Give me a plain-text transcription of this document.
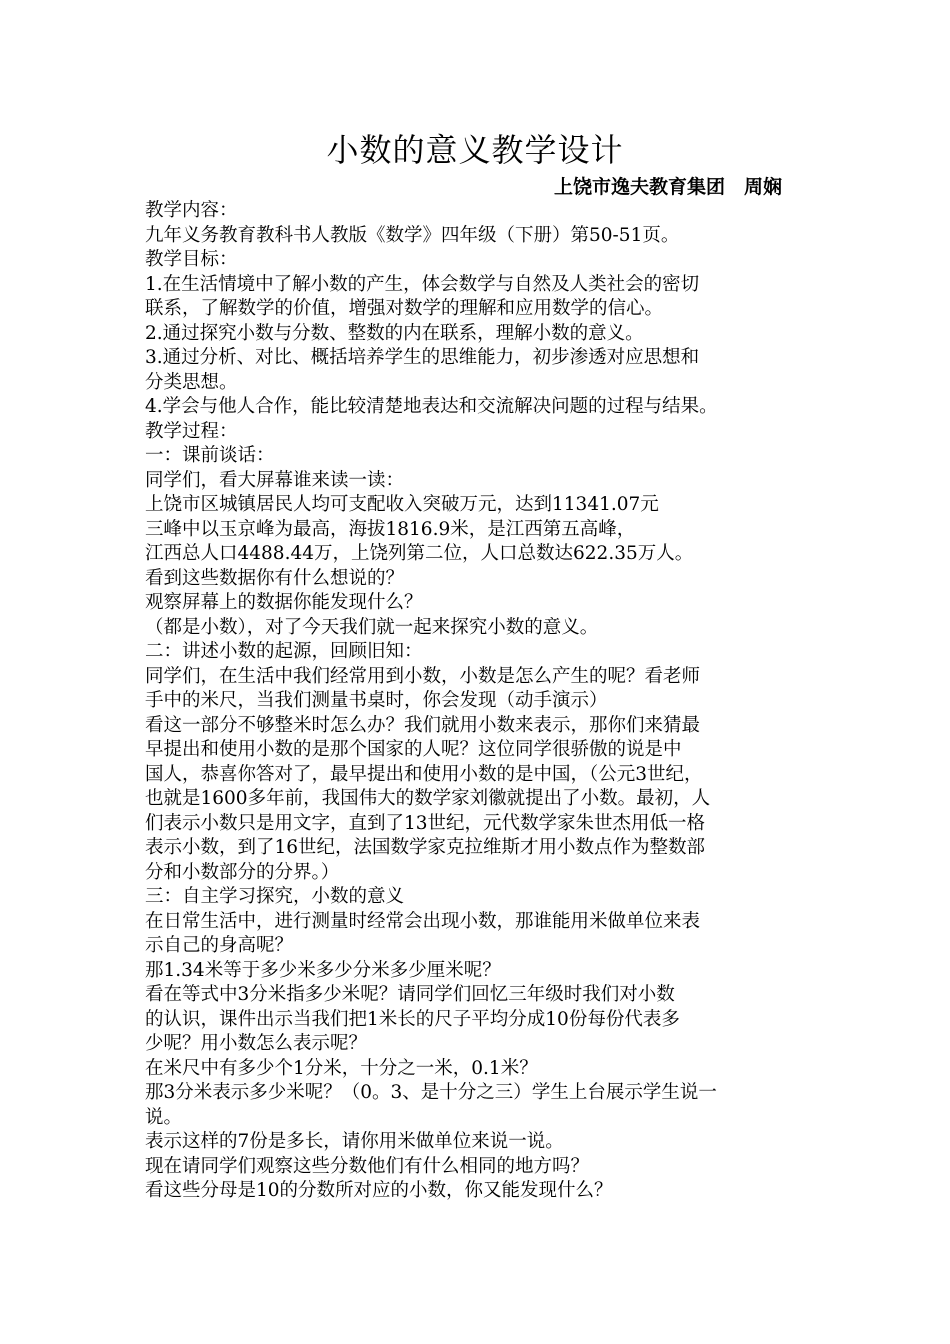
小数的意义教学设计
上饶市逸夫教育集团　周娴
教学内容：
九年义务教育教科书人教版《数学》四年级（下册）第50-51页。
教学目标：
1.在生活情境中了解小数的产生，体会数学与自然及人类社会的密切
联系，了解数学的价值，增强对数学的理解和应用数学的信心。
2.通过探究小数与分数、整数的内在联系，理解小数的意义。
3.通过分析、对比、概括培养学生的思维能力，初步渗透对应思想和
分类思想。
4.学会与他人合作，能比较清楚地表达和交流解决问题的过程与结果。
教学过程：
一：课前谈话：
同学们，看大屏幕谁来读一读：
上饶市区城镇居民人均可支配收入突破万元，达到11341.07元
三峰中以玉京峰为最高，海拔1816.9米，是江西第五高峰，
江西总人口4488.44万，上饶列第二位，人口总数达622.35万人。
看到这些数据你有什么想说的？
观察屏幕上的数据你能发现什么？
（都是小数），对了今天我们就一起来探究小数的意义。
二：讲述小数的起源，回顾旧知：
同学们，在生活中我们经常用到小数，小数是怎么产生的呢？看老师
手中的米尺，当我们测量书桌时，你会发现（动手演示）
看这一部分不够整米时怎么办？我们就用小数来表示，那你们来猜最
早提出和使用小数的是那个国家的人呢？这位同学很骄傲的说是中
国人，恭喜你答对了，最早提出和使用小数的是中国，（公元3世纪，
也就是1600多年前，我国伟大的数学家刘徽就提出了小数。最初，人
们表示小数只是用文字，直到了13世纪，元代数学家朱世杰用低一格
表示小数，到了16世纪，法国数学家克拉维斯才用小数点作为整数部
分和小数部分的分界。）
三：自主学习探究，小数的意义
在日常生活中，进行测量时经常会出现小数，那谁能用米做单位来表
示自己的身高呢？
那1.34米等于多少米多少分米多少厘米呢？
看在等式中3分米指多少米呢？请同学们回忆三年级时我们对小数
的认识，课件出示当我们把1米长的尺子平均分成10份每份代表多
少呢？用小数怎么表示呢？
在米尺中有多少个1分米，十分之一米，0.1米？
那3分米表示多少米呢？（0。3、是十分之三）学生上台展示学生说一
说。
表示这样的7份是多长，请你用米做单位来说一说。
现在请同学们观察这些分数他们有什么相同的地方吗？
看这些分母是10的分数所对应的小数，你又能发现什么？
